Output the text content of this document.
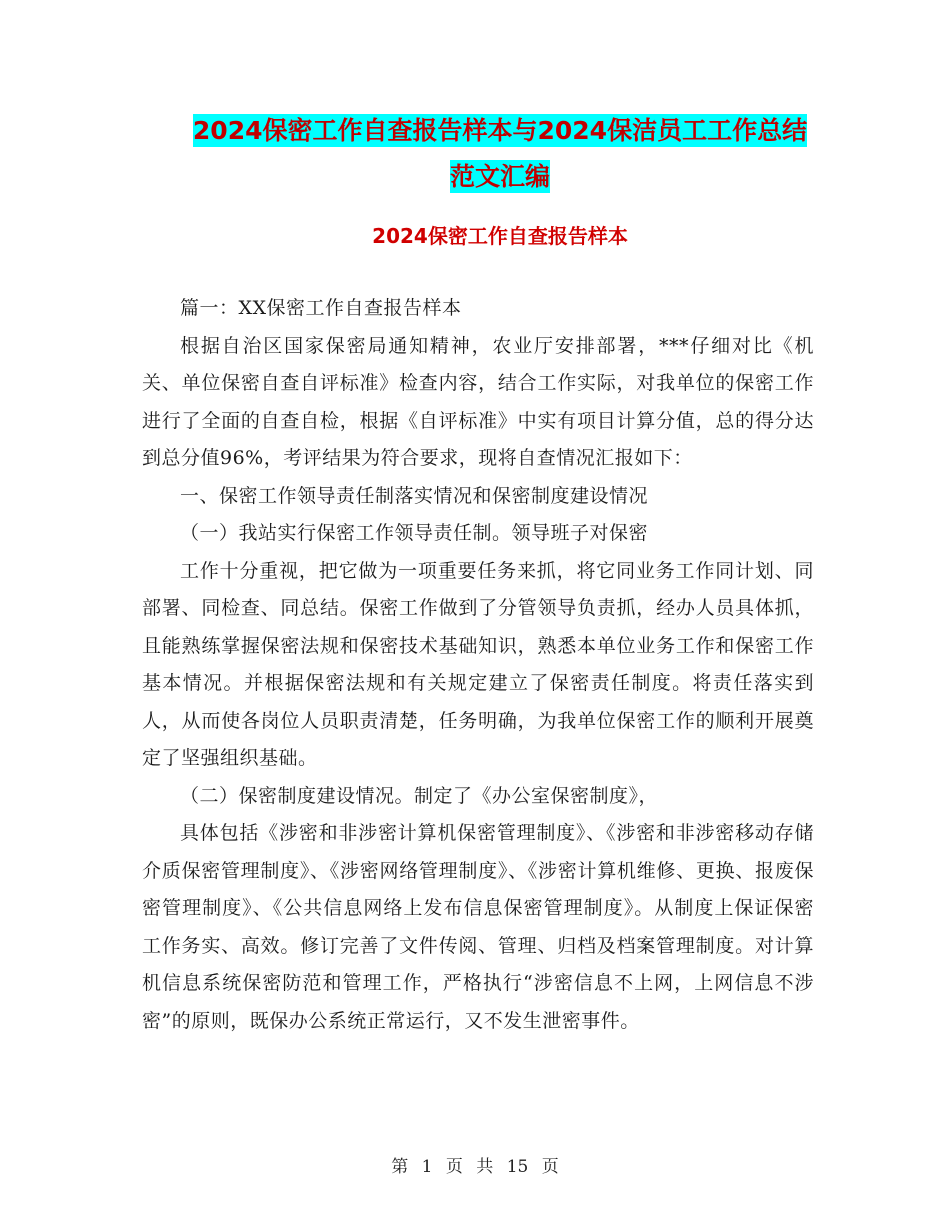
2024保密工作自查报告样本与2024保洁员工工作总结
范文汇编
2024保密工作自查报告样本

篇一：XX保密工作自查报告样本

根据自治区国家保密局通知精神，农业厅安排部署，***仔细对比《机关、单位保密自查自评标准》检查内容，结合工作实际，对我单位的保密工作进行了全面的自查自检，根据《自评标准》中实有项目计算分值，总的得分达到总分值96%，考评结果为符合要求，现将自查情况汇报如下：

一、保密工作领导责任制落实情况和保密制度建设情况

（一）我站实行保密工作领导责任制。领导班子对保密

工作十分重视，把它做为一项重要任务来抓，将它同业务工作同计划、同部署、同检查、同总结。保密工作做到了分管领导负责抓，经办人员具体抓，且能熟练掌握保密法规和保密技术基础知识，熟悉本单位业务工作和保密工作基本情况。并根据保密法规和有关规定建立了保密责任制度。将责任落实到人，从而使各岗位人员职责清楚，任务明确，为我单位保密工作的顺利开展奠定了坚强组织基础。

（二）保密制度建设情况。制定了《办公室保密制度》，

具体包括《涉密和非涉密计算机保密管理制度》、《涉密和非涉密移动存储介质保密管理制度》、《涉密网络管理制度》、《涉密计算机维修、更换、报废保密管理制度》、《公共信息网络上发布信息保密管理制度》。从制度上保证保密工作务实、高效。修订完善了文件传阅、管理、归档及档案管理制度。对计算机信息系统保密防范和管理工作，严格执行“涉密信息不上网，上网信息不涉密”的原则，既保办公系统正常运行，又不发生泄密事件。

第 1 页 共 15 页
